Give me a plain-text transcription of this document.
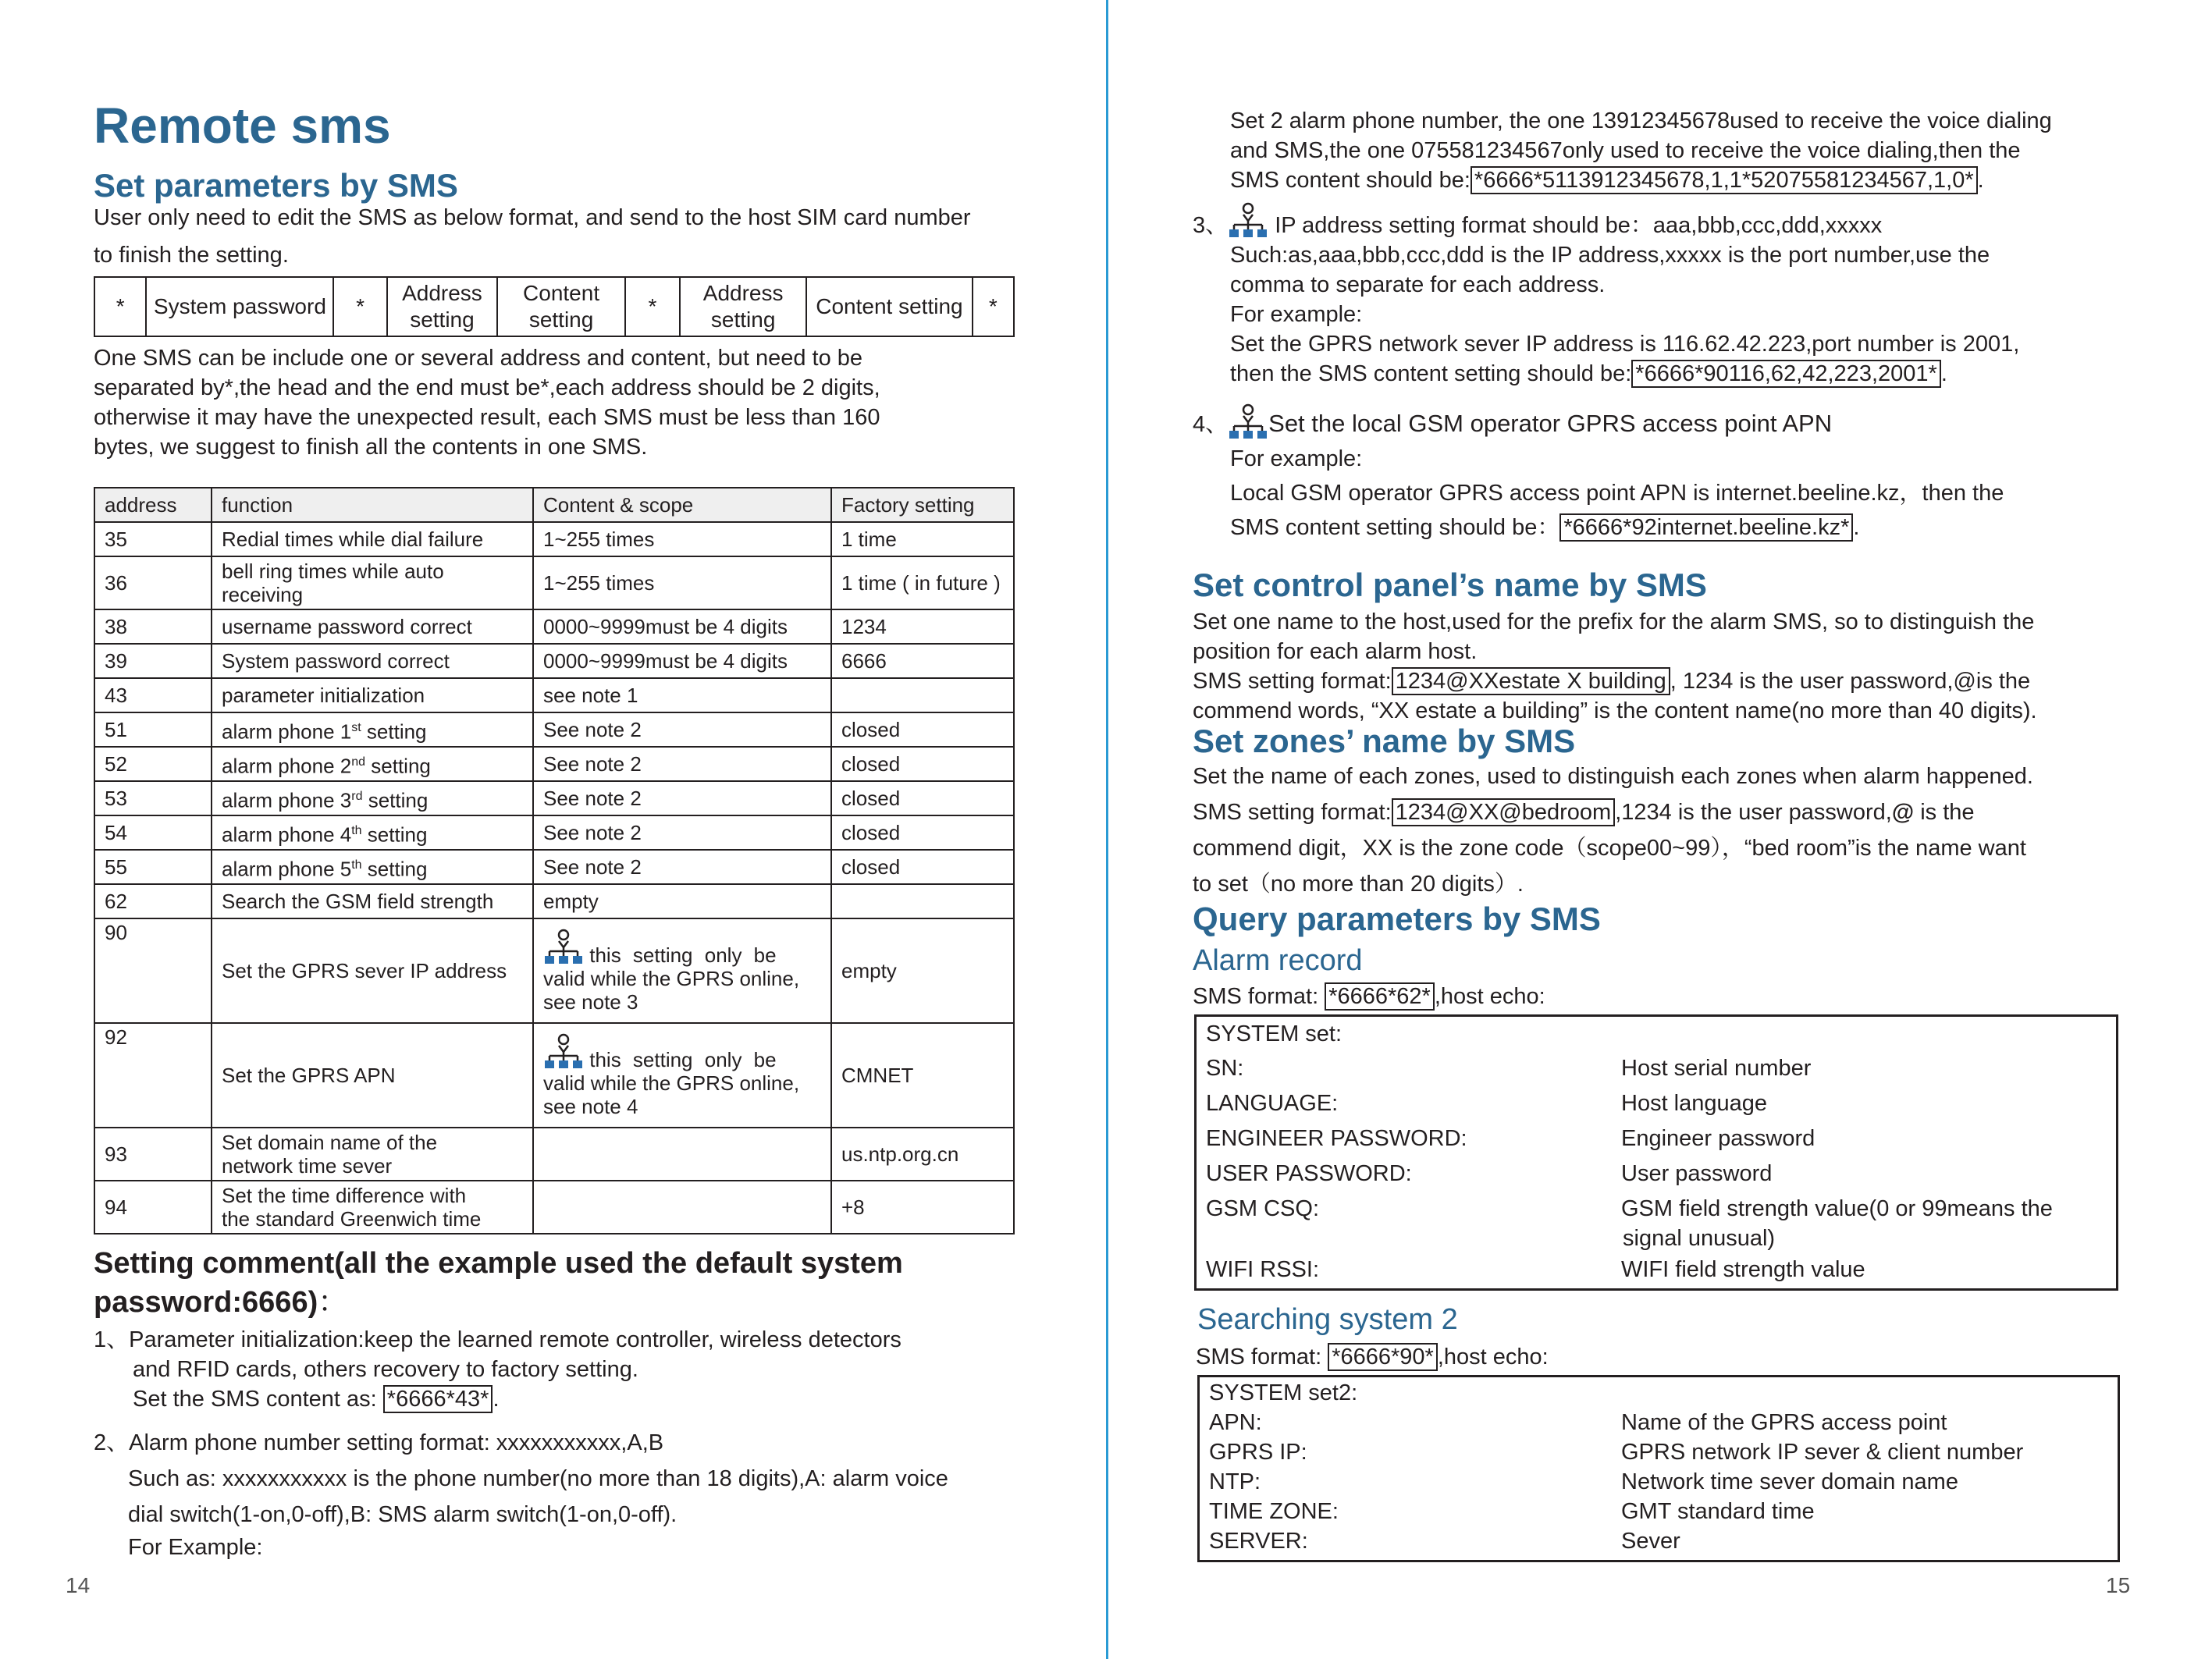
Remote sms
Set parameters by SMS
User only need to edit the SMS as below format, and send to the host SIM card number
to finish the setting.
*	System password	*	Address setting	Content setting	*	Address setting	Content setting	*
One SMS can be include one or several address and content, but need to be
separated by*,the head and the end must be*,each address should be 2 digits,
otherwise it may have the unexpected result, each SMS must be less than 160
bytes, we suggest to finish all the contents in one SMS.
address	function	Content & scope	Factory setting
35	Redial times while dial failure	1~255 times	1 time
36	bell ring times while auto receiving	1~255 times	1 time ( in future )
38	username password correct	0000~9999must be 4 digits	1234
39	System password correct	0000~9999must be 4 digits	6666
43	parameter initialization	see note 1	
51	alarm phone 1st setting	See note 2	closed
52	alarm phone 2nd setting	See note 2	closed
53	alarm phone 3rd setting	See note 2	closed
54	alarm phone 4th setting	See note 2	closed
55	alarm phone 5th setting	See note 2	closed
62	Search the GSM field strength	empty	
90	Set the GPRS sever IP address	this setting only be
valid while the GPRS online,
see note 3	empty
92	Set the GPRS APN	this setting only be
valid while the GPRS online,
see note 4	CMNET
93	Set domain name of the
network time sever		us.ntp.org.cn
94	Set the time difference with
the standard Greenwich time		+8
Setting comment(all the example used the default system
password:6666)：
1、Parameter initialization:keep the learned remote controller, wireless detectors
and RFID cards, others recovery to factory setting.
Set the SMS content as: *6666*43* .
2、Alarm phone number setting format: xxxxxxxxxxx,A,B
Such as: xxxxxxxxxxx is the phone number(no more than 18 digits),A: alarm voice
dial switch(1-on,0-off),B: SMS alarm switch(1-on,0-off).
For Example:
14
Set 2 alarm phone number, the one 13912345678used to receive the voice dialing
and SMS,the one 075581234567only used to receive the voice dialing,then the
SMS content should be: *6666*5113912345678,1,1*52075581234567,1,0* .
3、 IP address setting format should be：aaa,bbb,ccc,ddd,xxxxx
Such:as,aaa,bbb,ccc,ddd is the IP address,xxxxx is the port number,use the
comma to separate for each address.
For example:
Set the GPRS network sever IP address is 116.62.42.223,port number is 2001,
then the SMS content setting should be: *6666*90116,62,42,223,2001* .
4、 Set the local GSM operator GPRS access point APN
For example:
Local GSM operator GPRS access point APN is internet.beeline.kz，then the
SMS content setting should be： *6666*92internet.beeline.kz* .
Set control panel’s name by SMS
Set one name to the host,used for the prefix for the alarm SMS, so to distinguish the
position for each alarm host.
SMS setting format: 1234@XXestate X building , 1234 is the user password,@is the
commend words, “XX estate a building” is the content name(no more than 40 digits).
Set zones’ name by SMS
Set the name of each zones, used to distinguish each zones when alarm happened.
SMS setting format: 1234@XX@bedroom ,1234 is the user password,@ is the
commend digit，XX is the zone code（scope00~99），“bed room”is the name want
to set（no more than 20 digits）.
Query parameters by SMS
Alarm record
SMS format: *6666*62* ,host echo:
SYSTEM set:
SN:	Host serial number
LANGUAGE:	Host language
ENGINEER PASSWORD:	Engineer password
USER PASSWORD:	User password
GSM CSQ:	GSM field strength value(0 or 99means the
signal unusual)
WIFI RSSI:	WIFI field strength value
Searching system 2
SMS format: *6666*90* ,host echo:
SYSTEM set2:
APN:	Name of the GPRS access point
GPRS IP:	GPRS network IP sever & client number
NTP:	Network time sever domain name
TIME ZONE:	GMT standard time
SERVER:	Sever
15
